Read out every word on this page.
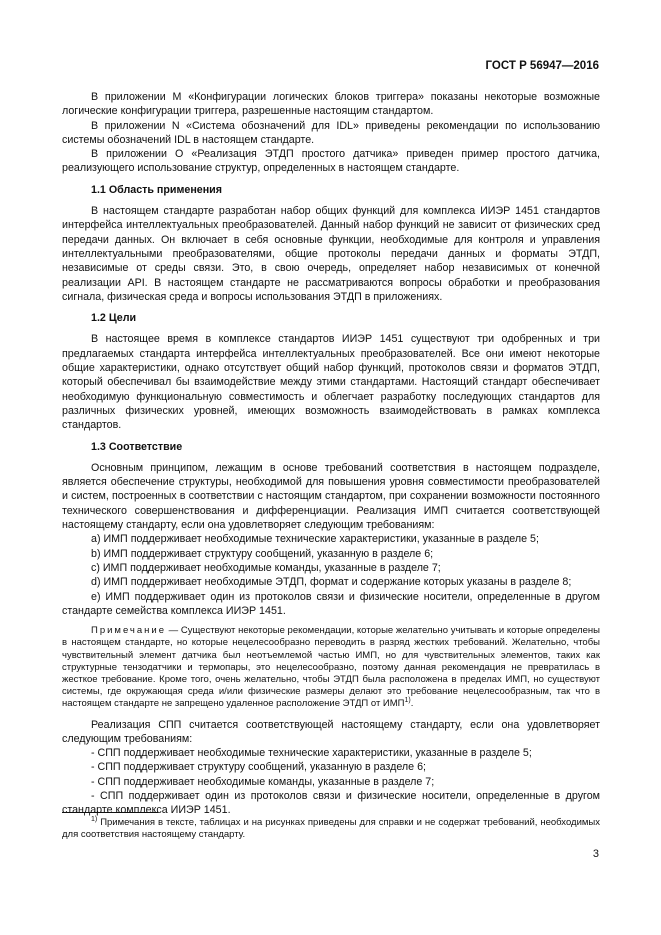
ГОСТ Р 56947—2016

В приложении М «Конфигурации логических блоков триггера» показаны некоторые возможные логические конфигурации триггера, разрешенные настоящим стандартом.

В приложении N «Система обозначений для IDL» приведены рекомендации по использованию системы обозначений IDL в настоящем стандарте.

В приложении О «Реализация ЭТДП простого датчика» приведен пример простого датчика, реализующего использование структур, определенных в настоящем стандарте.

1.1 Область применения

В настоящем стандарте разработан набор общих функций для комплекса ИИЭР 1451 стандартов интерфейса интеллектуальных преобразователей. Данный набор функций не зависит от физических сред передачи данных. Он включает в себя основные функции, необходимые для контроля и управления интеллектуальными преобразователями, общие протоколы передачи данных и форматы ЭТДП, независимые от среды связи. Это, в свою очередь, определяет набор независимых от конечной реализации API. В настоящем стандарте не рассматриваются вопросы обработки и преобразования сигнала, физическая среда и вопросы использования ЭТДП в приложениях.

1.2 Цели

В настоящее время в комплексе стандартов ИИЭР 1451 существуют три одобренных и три предлагаемых стандарта интерфейса интеллектуальных преобразователей. Все они имеют некоторые общие характеристики, однако отсутствует общий набор функций, протоколов связи и форматов ЭТДП, который обеспечивал бы взаимодействие между этими стандартами. Настоящий стандарт обеспечивает необходимую функциональную совместимость и облегчает разработку последующих стандартов для различных физических уровней, имеющих возможность взаимодействовать в рамках комплекса стандартов.

1.3 Соответствие

Основным принципом, лежащим в основе требований соответствия в настоящем подразделе, является обеспечение структуры, необходимой для повышения уровня совместимости преобразователей и систем, построенных в соответствии с настоящим стандартом, при сохранении возможности постоянного технического совершенствования и дифференциации. Реализация ИМП считается соответствующей настоящему стандарту, если она удовлетворяет следующим требованиям:

а) ИМП поддерживает необходимые технические характеристики, указанные в разделе 5;

b) ИМП поддерживает структуру сообщений, указанную в разделе 6;

с) ИМП поддерживает необходимые команды, указанные в разделе 7;

d) ИМП поддерживает необходимые ЭТДП, формат и содержание которых указаны в разделе 8;

е) ИМП поддерживает один из протоколов связи и физические носители, определенные в другом стандарте семейства комплекса ИИЭР 1451.

Примечание — Существуют некоторые рекомендации, которые желательно учитывать и которые определены в настоящем стандарте, но которые нецелесообразно переводить в разряд жестких требований. Желательно, чтобы чувствительный элемент датчика был неотъемлемой частью ИМП, но для чувствительных элементов, таких как структурные тензодатчики и термопары, это нецелесообразно, поэтому данная рекомендация не превратилась в жесткое требование. Кроме того, очень желательно, чтобы ЭТДП была расположена в пределах ИМП, но существуют системы, где окружающая среда и/или физические размеры делают это требование нецелесообразным, так что в настоящем стандарте не запрещено удаленное расположение ЭТДП от ИМП$^{1)}$.

Реализация СПП считается соответствующей настоящему стандарту, если она удовлетворяет следующим требованиям:

- СПП поддерживает необходимые технические характеристики, указанные в разделе 5;

- СПП поддерживает структуру сообщений, указанную в разделе 6;

- СПП поддерживает необходимые команды, указанные в разделе 7;

- СПП поддерживает один из протоколов связи и физические носители, определенные в другом стандарте комплекса ИИЭР 1451.

$^{1)}$ Примечания в тексте, таблицах и на рисунках приведены для справки и не содержат требований, необходимых для соответствия настоящему стандарту.
3
